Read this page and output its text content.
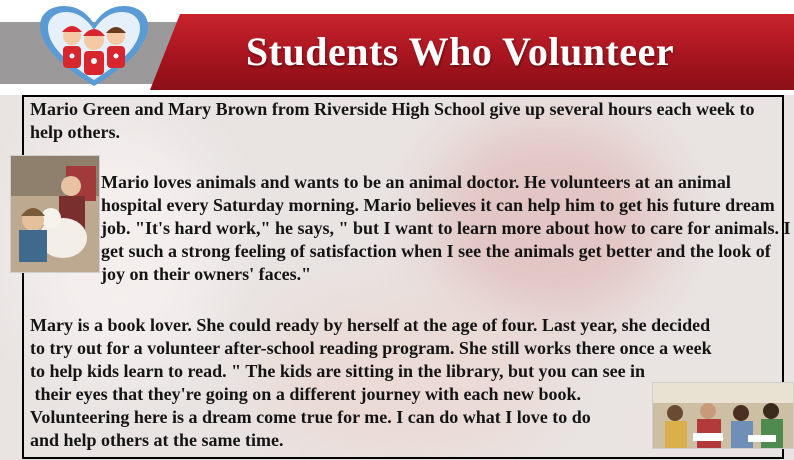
Students Who Volunteer

Mario Green and Mary Brown from Riverside High School give up several hours each week to help others.

Mario loves animals and wants to be an animal doctor. He volunteers at an animal hospital every Saturday morning. Mario believes it can help him to get his future dream job. "It's hard work," he says, " but I want to learn more about how to care for animals. I get such a strong feeling of satisfaction when I see the animals get better and the look of joy on their owners' faces."

Mary is a book lover. She could ready by herself at the age of four. Last year, she decided
to try out for a volunteer after-school reading program. She still works there once a week
to help kids learn to read. " The kids are sitting in the library, but you can see in
their eyes that they're going on a different journey with each new book.
Volunteering here is a dream come true for me. I can do what I love to do
and help others at the same time.
